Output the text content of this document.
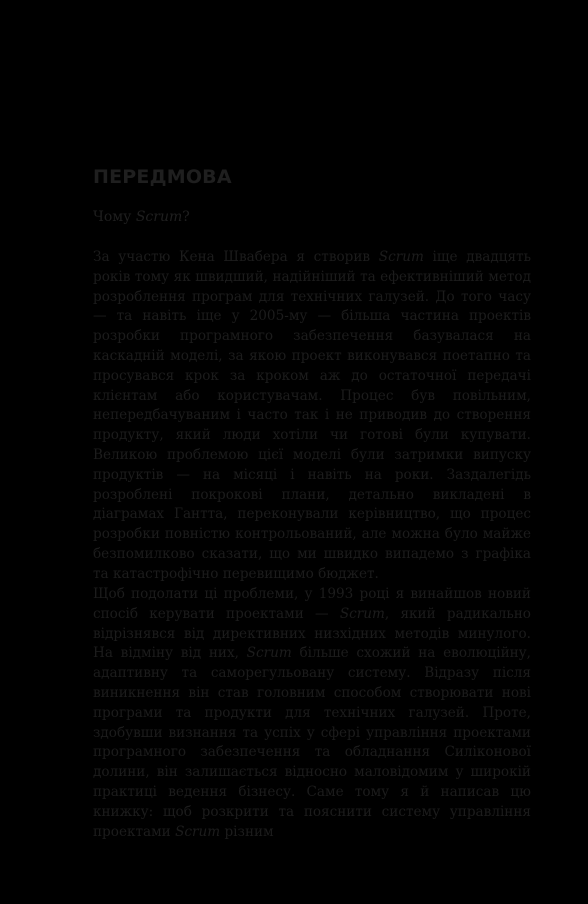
ПЕРЕДМОВА

Чому Scrum?

За участю Кена Швабера я створив Scrum іще двадцять років тому як швидший, надійніший та ефективніший метод розроблення програм для технічних галузей. До того часу — та навіть іще у 2005-му — більша частина проектів розробки програмного забезпечення базувалася на каскадній моделі, за якою проект виконувався поетапно та просувався крок за кроком аж до остаточної передачі клієнтам або користувачам. Процес був повільним, непередбачуваним і часто так і не приводив до створення продукту, який люди хотіли чи готові були купувати. Великою проблемою цієї моделі були затримки випуску продуктів — на місяці і навіть на роки. Заздалегідь розроблені покрокові плани, детально викладені в діаграмах Гантта, переконували керівництво, що процес розробки повністю контрольований, але можна було майже безпомилково сказати, що ми швидко випадемо з графіка та катастрофічно перевищимо бюджет.

Щоб подолати ці проблеми, у 1993 році я винайшов новий спосіб керувати проектами — Scrum, який радикально відрізнявся від директивних низхідних методів минулого. На відміну від них, Scrum більше схожий на еволюційну, адаптивну та саморегульовану систему. Відразу після виникнення він став головним способом створювати нові програми та продукти для технічних галузей. Проте, здобувши визнання та успіх у сфері управління проектами програмного забезпечення та обладнання Силіконової долини, він залишається відносно маловідомим у широкій практиці ведення бізнесу. Саме тому я й написав цю книжку: щоб розкрити та пояснити систему управління проектами Scrum різним
